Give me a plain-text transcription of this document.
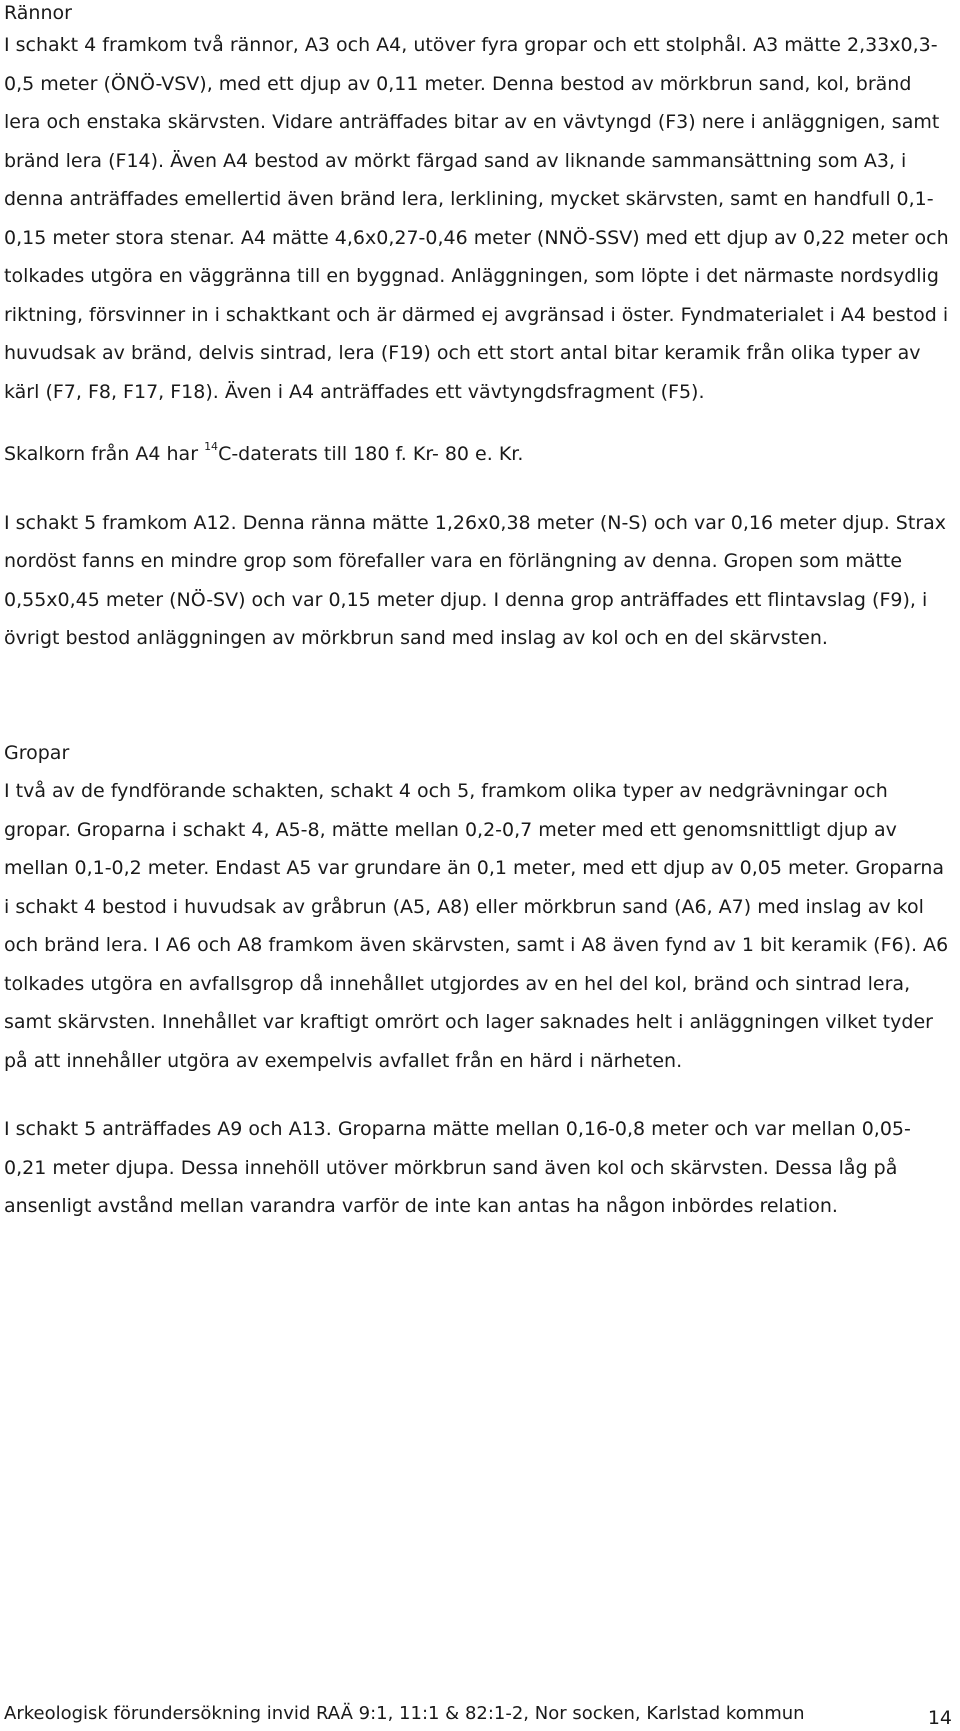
Rännor

I schakt 4 framkom två rännor, A3 och A4, utöver fyra gropar och ett stolphål. A3 mätte 2,33x0,3-0,5 meter (ÖNÖ-VSV), med ett djup av 0,11 meter. Denna bestod av mörkbrun sand, kol, bränd lera och enstaka skärvsten. Vidare anträffades bitar av en vävtyngd (F3) nere i anläggnigen, samt bränd lera (F14). Även A4 bestod av mörkt färgad sand av liknande sammansättning som A3, i denna anträffades emellertid även bränd lera, lerklining, mycket skärvsten, samt en handfull 0,1-0,15 meter stora stenar. A4 mätte 4,6x0,27-0,46 meter (NNÖ-SSV) med ett djup av 0,22 meter och tolkades utgöra en väggränna till en byggnad. Anläggningen, som löpte i det närmaste nordsydlig riktning, försvinner in i schaktkant och är därmed ej avgränsad i öster. Fyndmaterialet i A4 bestod i huvudsak av bränd, delvis sintrad, lera (F19) och ett stort antal bitar keramik från olika typer av kärl (F7, F8, F17, F18). Även i A4 anträffades ett vävtyngdsfragment (F5).

Skalkorn från A4 har $^{14}$C-daterats till 180 f. Kr- 80 e. Kr.

I schakt 5 framkom A12. Denna ränna mätte 1,26x0,38 meter (N-S) och var 0,16 meter djup. Strax nordöst fanns en mindre grop som förefaller vara en förlängning av denna. Gropen som mätte 0,55x0,45 meter (NÖ-SV) och var 0,15 meter djup. I denna grop anträffades ett flintavslag (F9), i övrigt bestod anläggningen av mörkbrun sand med inslag av kol och en del skärvsten.

Gropar

I två av de fyndförande schakten, schakt 4 och 5, framkom olika typer av nedgrävningar och gropar. Groparna i schakt 4, A5-8, mätte mellan 0,2-0,7 meter med ett genomsnittligt djup av mellan 0,1-0,2 meter. Endast A5 var grundare än 0,1 meter, med ett djup av 0,05 meter. Groparna i schakt 4 bestod i huvudsak av gråbrun (A5, A8) eller mörkbrun sand (A6, A7) med inslag av kol och bränd lera. I A6 och A8 framkom även skärvsten, samt i A8 även fynd av 1 bit keramik (F6). A6 tolkades utgöra en avfallsgrop då innehållet utgjordes av en hel del kol, bränd och sintrad lera, samt skärvsten. Innehållet var kraftigt omrört och lager saknades helt i anläggningen vilket tyder på att innehåller utgöra av exempelvis avfallet från en härd i närheten.

I schakt 5 anträffades A9 och A13. Groparna mätte mellan 0,16-0,8 meter och var mellan 0,05-0,21 meter djupa. Dessa innehöll utöver mörkbrun sand även kol och skärvsten. Dessa låg på ansenligt avstånd mellan varandra varför de inte kan antas ha någon inbördes relation.

Arkeologisk förundersökning invid RAÄ 9:1, 11:1 & 82:1-2, Nor socken, Karlstad kommun	14
